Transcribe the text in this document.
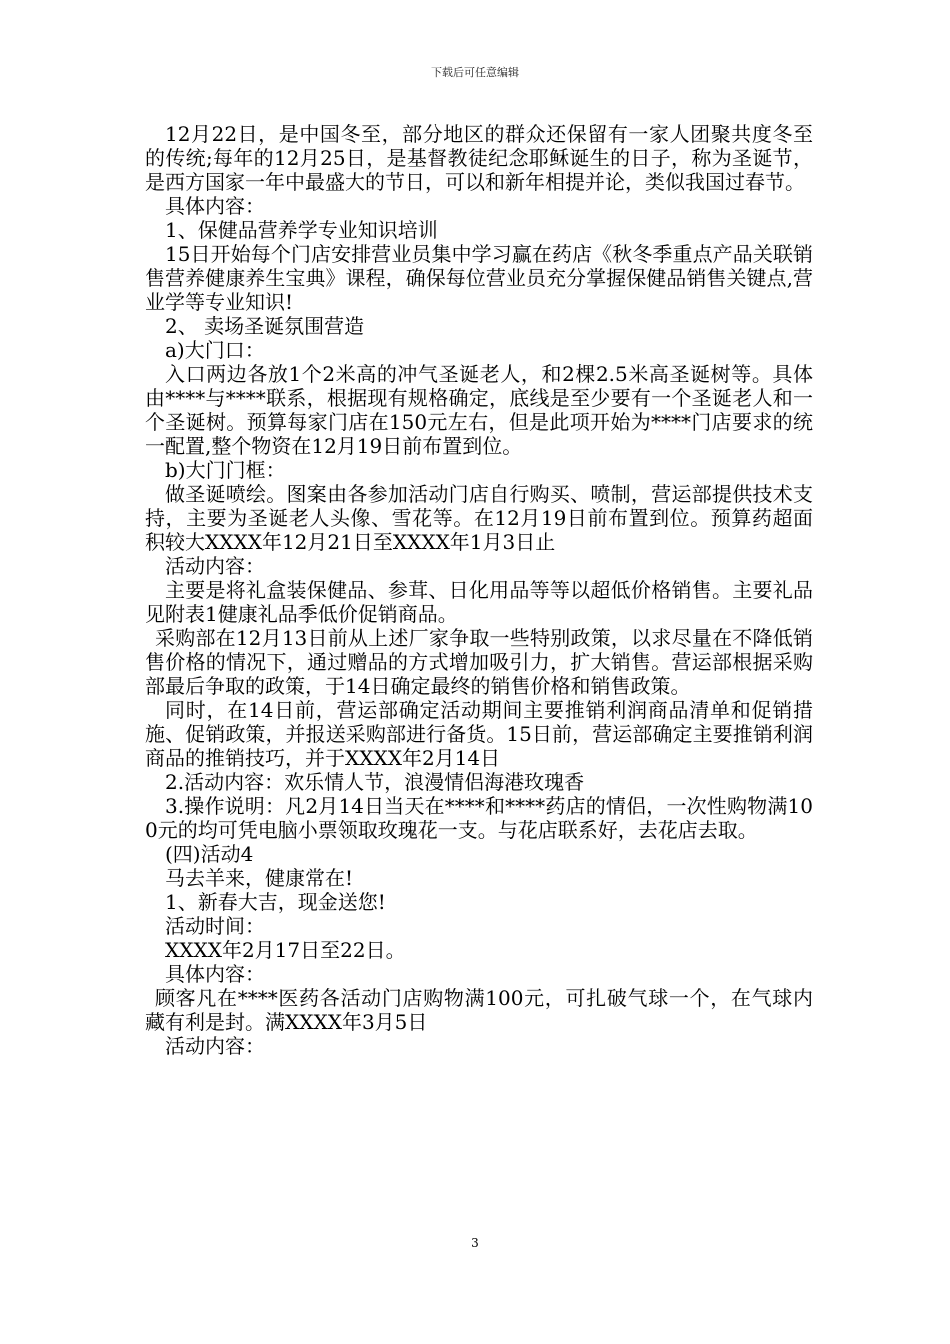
下载后可任意编辑

12月22日，是中国冬至，部分地区的群众还保留有一家人团聚共度冬至的传统;每年的12月25日，是基督教徒纪念耶稣诞生的日子，称为圣诞节，是西方国家一年中最盛大的节日，可以和新年相提并论，类似我国过春节。

具体内容：

1、保健品营养学专业知识培训

15日开始每个门店安排营业员集中学习赢在药店《秋冬季重点产品关联销售营养健康养生宝典》课程，确保每位营业员充分掌握保健品销售关键点,营业学等专业知识!

2、 卖场圣诞氛围营造

a)大门口：

入口两边各放1个2米高的冲气圣诞老人，和2棵2.5米高圣诞树等。具体由****与****联系，根据现有规格确定，底线是至少要有一个圣诞老人和一个圣诞树。预算每家门店在150元左右，但是此项开始为****门店要求的统一配置,整个物资在12月19日前布置到位。

b)大门门框：

做圣诞喷绘。图案由各参加活动门店自行购买、喷制，营运部提供技术支持，主要为圣诞老人头像、雪花等。在12月19日前布置到位。预算药超面积较大XXXX年12月21日至XXXX年1月3日止

活动内容：

主要是将礼盒装保健品、参茸、日化用品等等以超低价格销售。主要礼品见附表1健康礼品季低价促销商品。

采购部在12月13日前从上述厂家争取一些特别政策，以求尽量在不降低销售价格的情况下，通过赠品的方式增加吸引力，扩大销售。营运部根据采购部最后争取的政策，于14日确定最终的销售价格和销售政策。

同时，在14日前，营运部确定活动期间主要推销利润商品清单和促销措施、促销政策，并报送采购部进行备货。15日前，营运部确定主要推销利润商品的推销技巧，并于XXXX年2月14日

2.活动内容：欢乐情人节，浪漫情侣海港玫瑰香

3.操作说明：凡2月14日当天在****和****药店的情侣，一次性购物满100元的均可凭电脑小票领取玫瑰花一支。与花店联系好，去花店去取。

(四)活动4

马去羊来，健康常在!

1、新春大吉，现金送您!

活动时间：

XXXX年2月17日至22日。

具体内容：

顾客凡在****医药各活动门店购物满100元，可扎破气球一个，在气球内藏有利是封。满XXXX年3月5日

活动内容：

3
